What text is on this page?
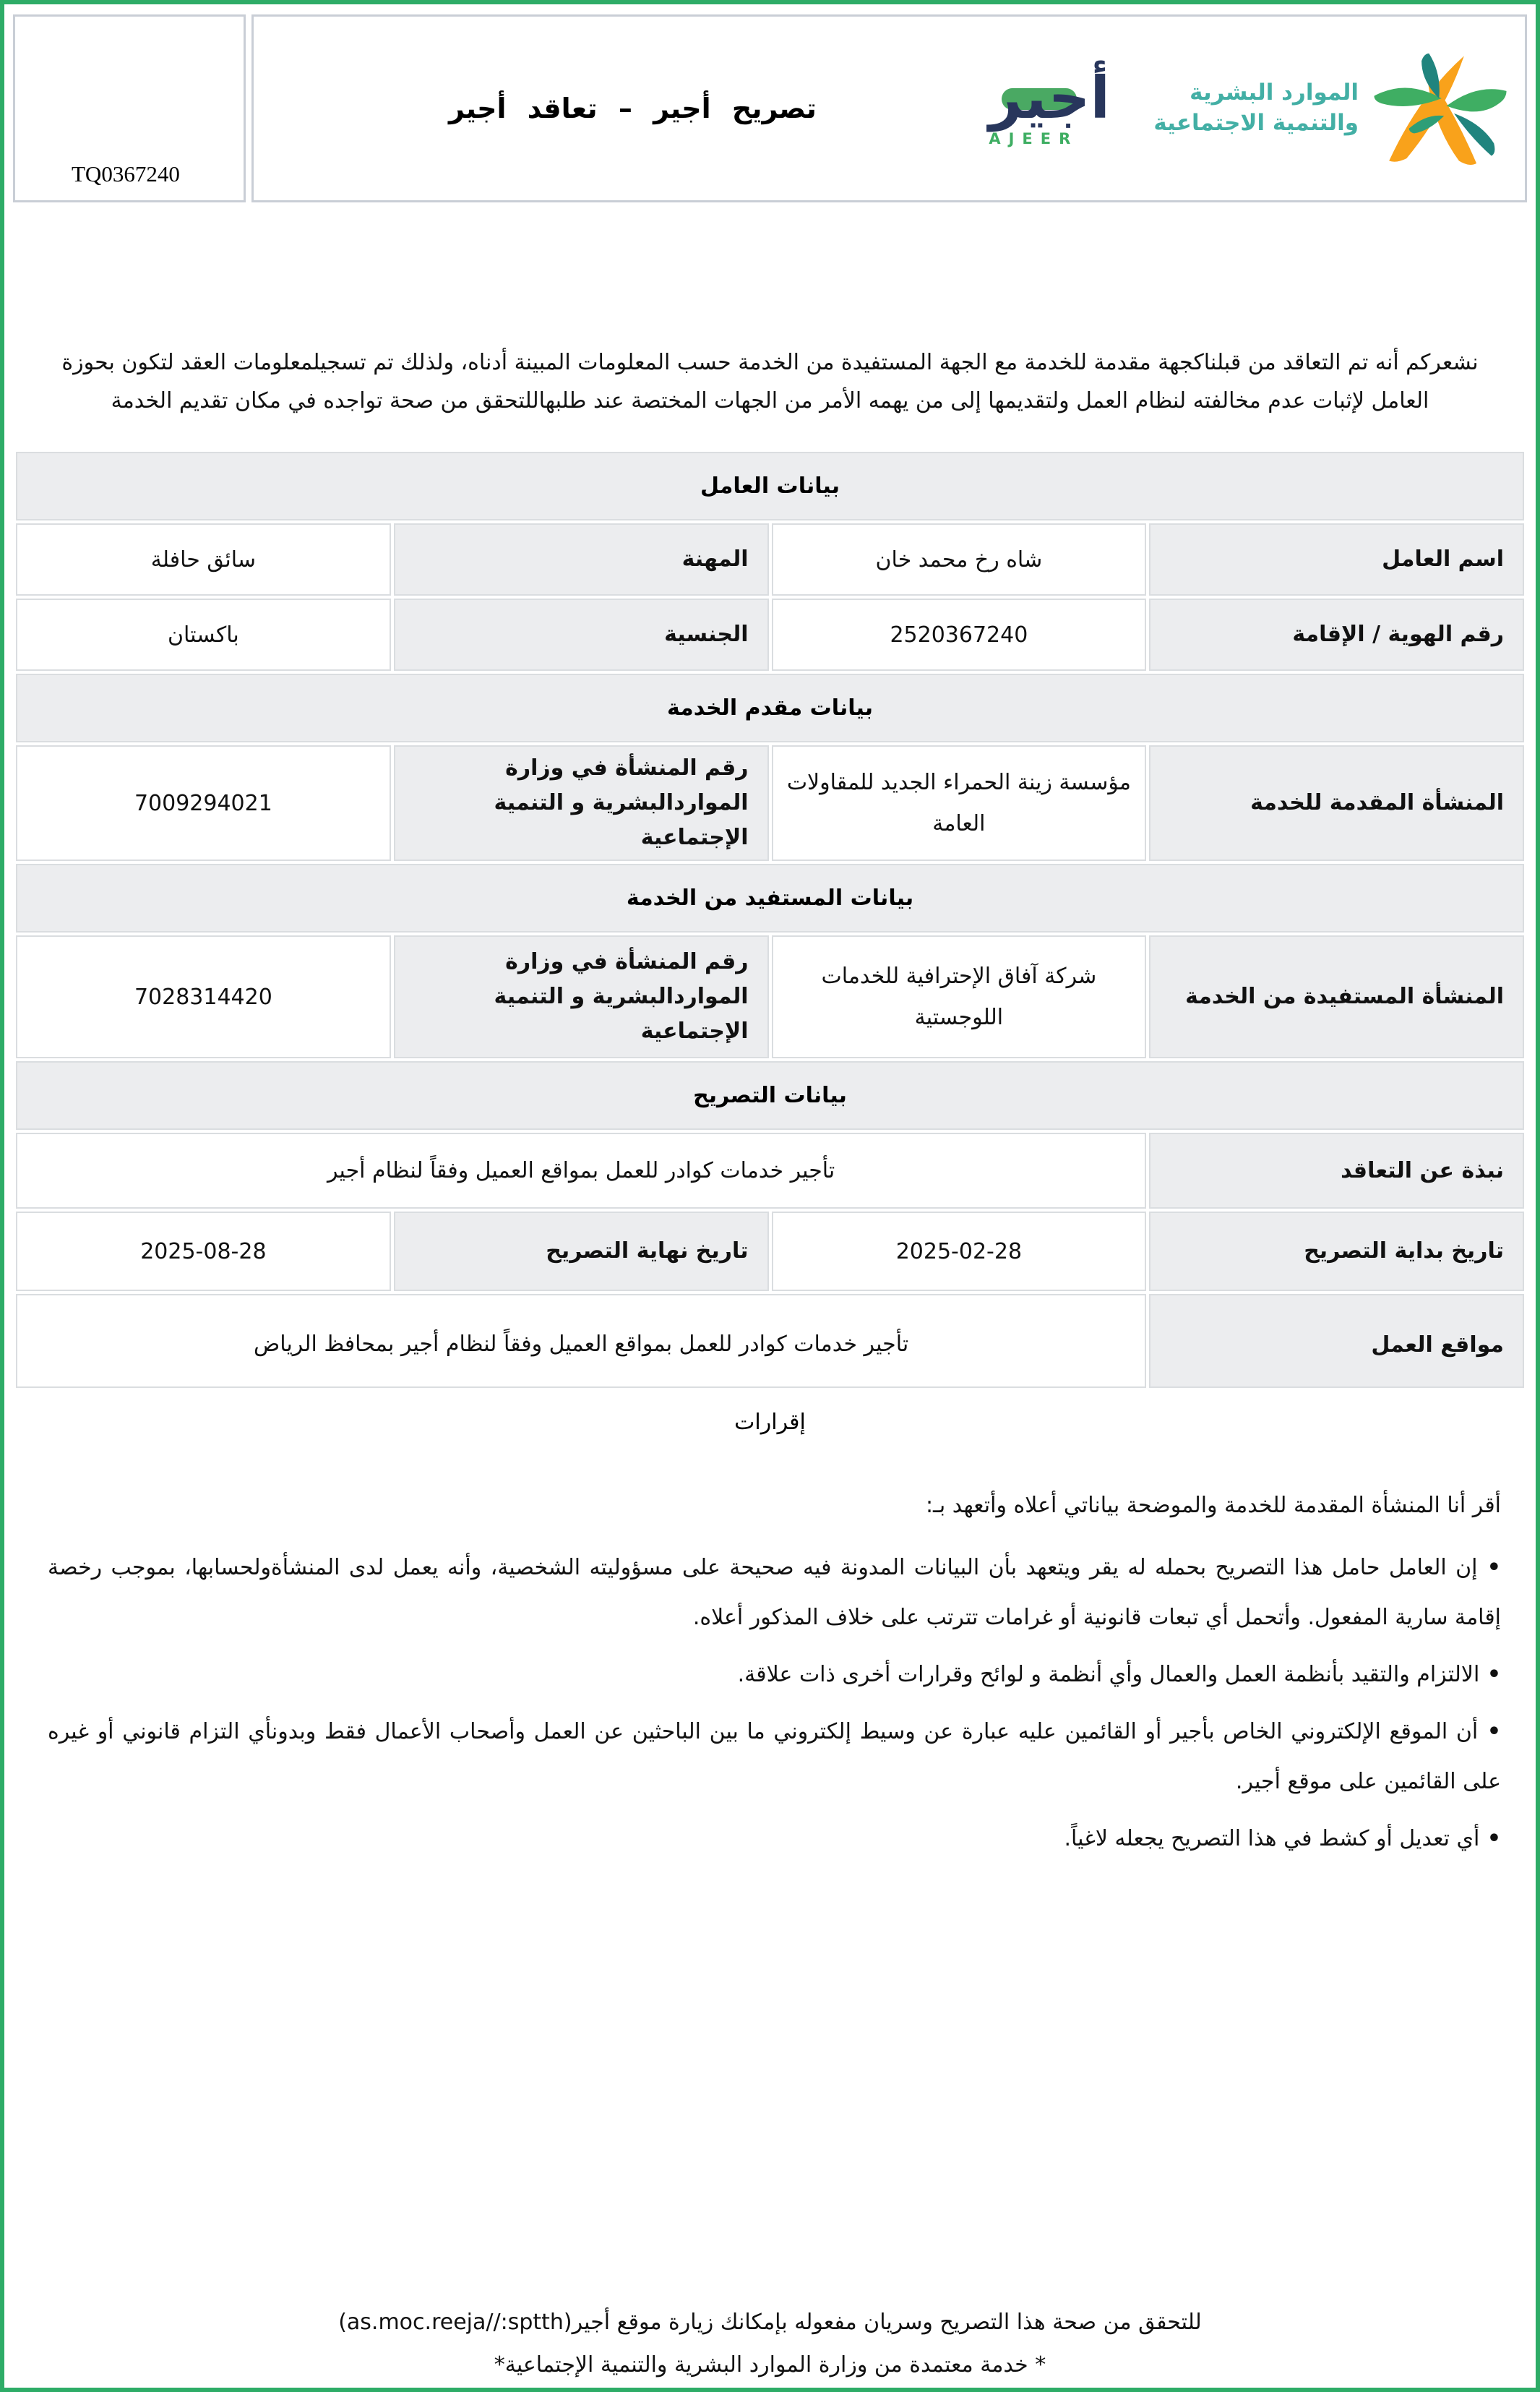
TQ0367240
تصريح أجير – تعاقد أجير	أجير
AJEER
الموارد البشرية
والتنمية الاجتماعية

نشعركم أنه تم التعاقد من قبلناكجهة مقدمة للخدمة مع الجهة المستفيدة من الخدمة حسب المعلومات المبينة أدناه، ولذلك تم تسجيلمعلومات العقد لتكون بحوزة العامل لإثبات عدم مخالفته لنظام العمل ولتقديمها إلى من يهمه الأمر من الجهات المختصة عند طلبهاللتحقق من صحة تواجده في مكان تقديم الخدمة

بيانات العامل			
اسم العامل	شاه رخ محمد خان	المهنة	سائق حافلة
رقم الهوية / الإقامة	2520367240	الجنسية	باكستان
بيانات مقدم الخدمة			
المنشأة المقدمة للخدمة	مؤسسة زينة الحمراء الجديد للمقاولات العامة	رقم المنشأة في وزارة المواردالبشرية و التنمية الإجتماعية	7009294021
بيانات المستفيد من الخدمة			
المنشأة المستفيدة من الخدمة	شركة آفاق الإحترافية للخدمات اللوجستية	رقم المنشأة في وزارة المواردالبشرية و التنمية الإجتماعية	7028314420
بيانات التصريح			
نبذة عن التعاقد	تأجير خدمات كوادر للعمل بمواقع العميل وفقاً لنظام أجير		
تاريخ بداية التصريح	2025-02-28	تاريخ نهاية التصريح	2025-08-28
مواقع العمل	تأجير خدمات كوادر للعمل بمواقع العميل وفقاً لنظام أجير بمحافظ الرياض		
إقرارات

أقر أنا المنشأة المقدمة للخدمة والموضحة بياناتي أعلاه وأتعهد بـ:

• إن العامل حامل هذا التصريح بحمله له يقر ويتعهد بأن البيانات المدونة فيه صحيحة على مسؤوليته الشخصية، وأنه يعمل لدى المنشأةولحسابها، بموجب رخصة إقامة سارية المفعول. وأتحمل أي تبعات قانونية أو غرامات تترتب على خلاف المذكور أعلاه.
• الالتزام والتقيد بأنظمة العمل والعمال وأي أنظمة و لوائح وقرارات أخرى ذات علاقة.
• أن الموقع الإلكتروني الخاص بأجير أو القائمين عليه عبارة عن وسيط إلكتروني ما بين الباحثين عن العمل وأصحاب الأعمال فقط وبدونأي التزام قانوني أو غيره على القائمين على موقع أجير.
• أي تعديل أو كشط في هذا التصريح يجعله لاغياً.
للتحقق من صحة هذا التصريح وسريان مفعوله بإمكانك زيارة موقع أجير(as.moc.reeja//:sptth)
* خدمة معتمدة من وزارة الموارد البشرية والتنمية الإجتماعية*
